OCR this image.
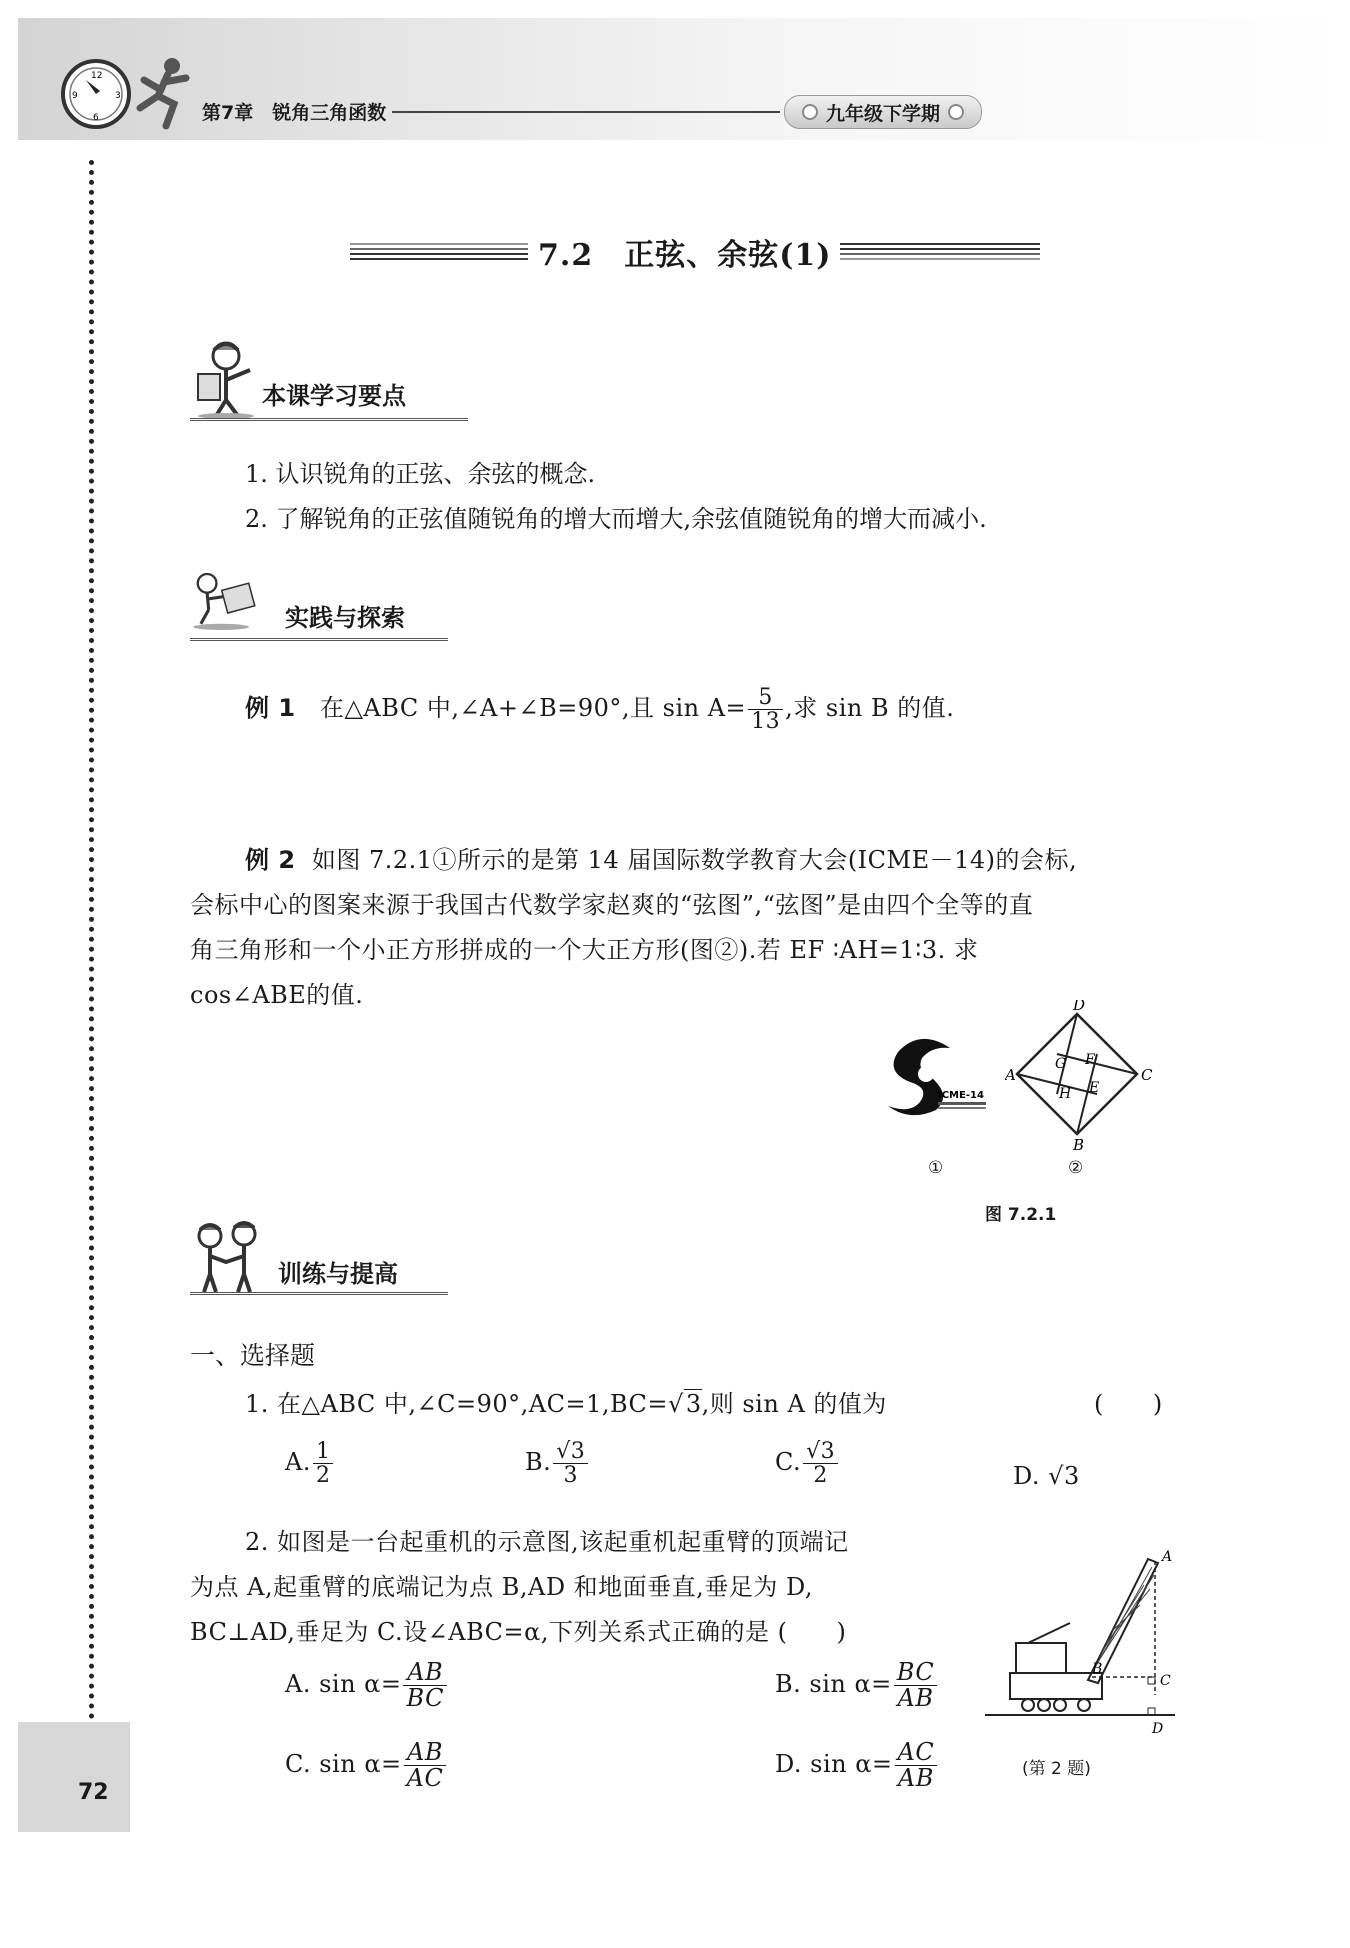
12
3
6
9
第7章　锐角三角函数	九年级下学期
7.2　正弦、余弦(1)
本课学习要点
1. 认识锐角的正弦、余弦的概念.
2. 了解锐角的正弦值随锐角的增大而增大,余弦值随锐角的增大而减小.
实践与探索
例 1 在△ABC 中,∠A+∠B=90°,且 $\sin A= \frac{5}{13}$ ,求 sin B 的值.
例 2 如图 7.2.1①所示的是第 14 届国际数学教育大会(ICME－14)的会标,
会标中心的图案来源于我国古代数学家赵爽的“弦图”,“弦图”是由四个全等的直
角三角形和一个小正方形拼成的一个大正方形(图②).若 EF ∶AH=1∶3. 求
cos∠ABE的值.
ICME-14
D
C
B
A
G F
H E
①	②
图 7.2.1
训练与提高
一、选择题
1. 在△ABC 中,∠C=90°,AC=1,BC=√3,则 sin A 的值为	(　　)
A. $\frac{1}{2}$	B. $\frac{√3}{3}$	C. $\frac{√3}{2}$	D. √3
2. 如图是一台起重机的示意图,该起重机起重臂的顶端记
为点 A,起重臂的底端记为点 B,AD 和地面垂直,垂足为 D,
BC⊥AD,垂足为 C.设∠ABC=α,下列关系式正确的是 (　　)
A. $\sin \alpha= \frac{AB}{BC}$	B. $\sin \alpha= \frac{BC}{AB}$
C. $\sin \alpha= \frac{AB}{AC}$	D. $\sin \alpha= \frac{AC}{AB}$
A
B
C
D
(第 2 题)
72
